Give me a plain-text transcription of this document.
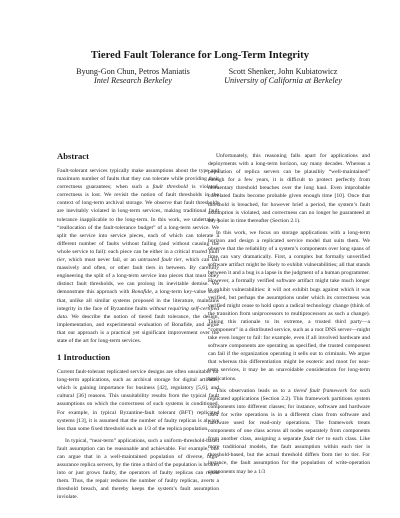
Tiered Fault Tolerance for Long-Term Integrity
Byung-Gon Chun, Petros Maniatis
Intel Research Berkeley
Scott Shenker, John Kubiatowicz
University of California at Berkeley
Abstract

Fault-tolerant services typically make assumptions about the type and maximum number of faults that they can tolerate while providing their correctness guarantees; when such a fault threshold is violated, correctness is lost. We revisit the notion of fault thresholds in the context of long-term archival storage. We observe that fault thresholds are inevitably violated in long-term services, making traditional fault tolerance inapplicable to the long-term. In this work, we undertake a “reallocation of the fault-tolerance budget” of a long-term service. We split the service into service pieces, each of which can tolerate a different number of faults without failing (and without causing the whole service to fail): each piece can be either in a critical trusted fault tier, which must never fail, or an untrusted fault tier, which can fail massively and often, or other fault tiers in between. By carefully engineering the split of a long-term service into pieces that must obey distinct fault thresholds, we can prolong its inevitable demise. We demonstrate this approach with Bonafide, a long-term key-value store that, unlike all similar systems proposed in the literature, maintains integrity in the face of Byzantine faults without requiring self-certified data. We describe the notion of tiered fault tolerance, the design, implementation, and experimental evaluation of Bonafide, and argue that our approach is a practical yet significant improvement over the state of the art for long-term services.

1 Introduction

Current fault-tolerant replicated service designs are often unsuitable for long-term applications, such as archival storage for digital artifacts, which is gaining importance for business [42], regulatory [5,6], and cultural [36] reasons. This unsuitability results from the typical fault assumptions on which the correctness of such systems is conditioned. For example, in typical Byzantine-fault tolerant (BFT) replicated systems [13], it is assumed that the number of faulty replicas is always less than some fixed threshold such as 1/3 of the replica population.

In typical, “near-term” applications, such a uniform-threshold-based fault assumption can be reasonable and achievable. For example, one can argue that in a well-maintained population of diverse, high-assurance replica servers, by the time a third of the population is broken into or just grows faulty, the operators of faulty replicas can repair them. Thus, the repair reduces the number of faulty replicas, averts a threshold breach, and thereby keeps the system’s fault assumption inviolate.

Unfortunately, this reasoning falls apart for applications and deployments with a long-term horizon, say many decades. Whereas a population of replica servers can be plausibly “well-maintained” enough for a few years, it is difficult to protect perfectly from momentary threshold breaches over the long haul. Even improbable correlated faults become probable given enough time [10]. Once that threshold is breached, for however brief a period, the system’s fault assumption is violated, and correctness can no longer be guaranteed at any point in time thereafter (Section 2.1).

In this work, we focus on storage applications with a long-term horizon and design a replicated service model that suits them. We observe that the reliability of a system’s components over long spans of time can vary dramatically. First, a complex but formally unverified software artifact might be likely to exhibit vulnerabilities; all that stands between it and a bug is a lapse in the judgment of a human programmer. However, a formally verified software artifact might take much longer to exhibit vulnerabilities: it will not exhibit bugs against which it was verified, but perhaps the assumptions under which its correctness was verified might cease to hold upon a radical technology change (think of the transition from uniprocessors to multiprocessors as such a change). Taking this rationale to its extreme, a trusted third party—a “component” in a distributed service, such as a root DNS server—might take even longer to fail: for example, even if all involved hardware and software components are operating as specified, the trusted component can fail if the organization operating it sells out to criminals. We argue that whereas this differentiation might be esoteric and moot for near-term services, it may be an unavoidable consideration for long-term applications.

This observation leads us to a tiered fault framework for such replicated applications (Section 2.2). This framework partitions system components into different classes; for instance, software and hardware used for write operations is in a different class from software and hardware used for read-only operations. The framework treats components of one class across all nodes separately from components from another class, assigning a separate fault tier to each class. Like more traditional models, the fault assumption within each tier is threshold-based, but the actual threshold differs from tier to tier. For instance, the fault assumption for the population of write-operation components may be a 1/3
